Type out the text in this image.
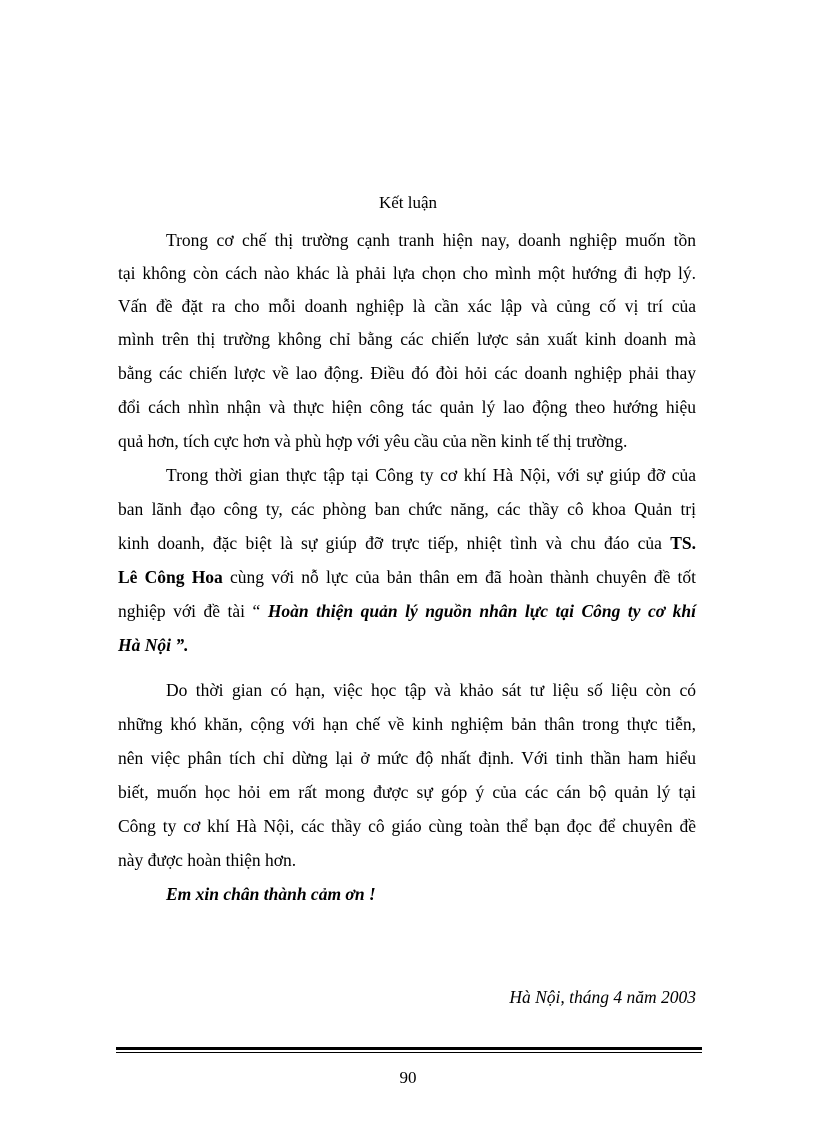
Kết luận
Trong cơ chế thị trường cạnh tranh hiện nay, doanh nghiệp muốn tồn
tại không còn cách nào khác là phải lựa chọn cho mình một hướng đi hợp lý.
Vấn đề đặt ra cho mỗi doanh nghiệp là cần xác lập và củng cố vị trí của
mình trên thị trường không chỉ bằng các chiến lược sản xuất kinh doanh mà
bằng các chiến lược về lao động. Điều đó đòi hỏi các doanh nghiệp phải thay
đổi cách nhìn nhận và thực hiện công tác quản lý lao động theo hướng hiệu
quả hơn, tích cực hơn và phù hợp với yêu cầu của nền kinh tế thị trường.
Trong thời gian thực tập tại Công ty cơ khí Hà Nội, với sự giúp đỡ của
ban lãnh đạo công ty, các phòng ban chức năng, các thầy cô khoa Quản trị
kinh doanh, đặc biệt là sự giúp đỡ trực tiếp, nhiệt tình và chu đáo của TS.
Lê Công Hoa cùng với nỗ lực của bản thân em đã hoàn thành chuyên đề tốt
nghiệp với đề tài “ Hoàn thiện quản lý nguồn nhân lực tại Công ty cơ khí
Hà Nội ”.
Do thời gian có hạn, việc học tập và khảo sát tư liệu số liệu còn có
những khó khăn, cộng với hạn chế về kinh nghiệm bản thân trong thực tiễn,
nên việc phân tích chỉ dừng lại ở mức độ nhất định. Với tinh thần ham hiểu
biết, muốn học hỏi em rất mong được sự góp ý của các cán bộ quản lý tại
Công ty cơ khí Hà Nội, các thầy cô giáo cùng toàn thể bạn đọc để chuyên đề
này được hoàn thiện hơn.
Em xin chân thành cảm ơn !
Hà Nội, tháng 4 năm 2003
90
